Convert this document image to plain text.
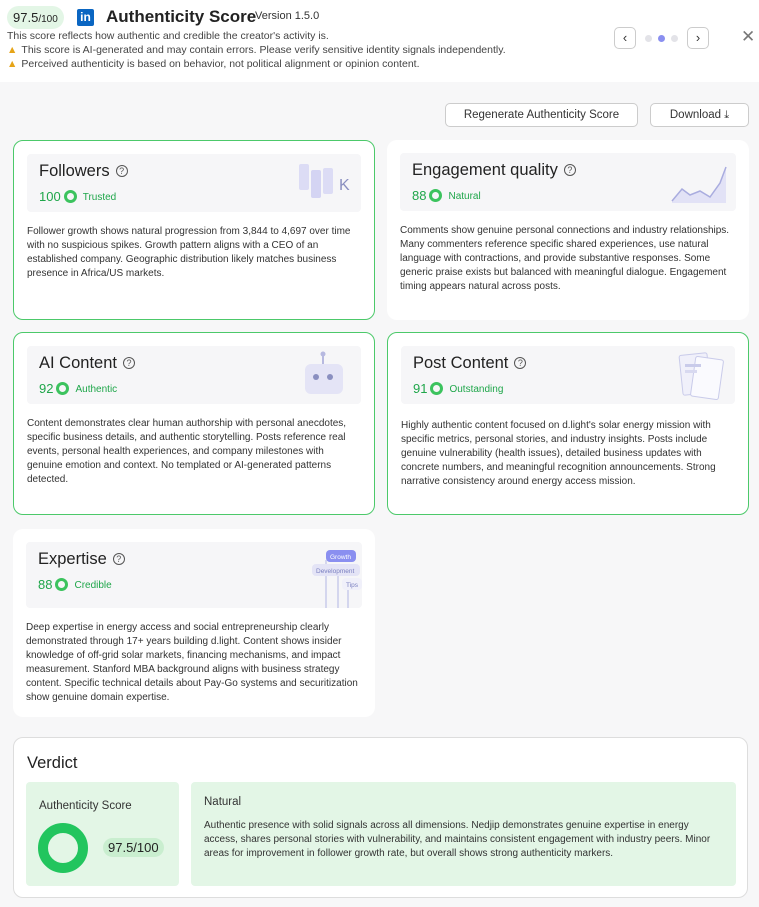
97.5/100	in Authenticity Score
Version 1.5.0
This score reflects how authentic and credible the creator's activity is.
▲ This score is AI-generated and may contain errors. Please verify sensitive identity signals independently.
▲ Perceived authenticity is based on behavior, not political alignment or opinion content.
‹	›	✕
Regenerate Authenticity Score	Download ⤓
Followers ?
100 Trusted
K
Follower growth shows natural progression from 3,844 to 4,697 over time with no suspicious spikes. Growth pattern aligns with a CEO of an established company. Geographic distribution likely matches business presence in Africa/US markets.
Engagement quality ?
88 Natural
Comments show genuine personal connections and industry relationships. Many commenters reference specific shared experiences, use natural language with contractions, and provide substantive responses. Some generic praise exists but balanced with meaningful dialogue. Engagement timing appears natural across posts.
AI Content ?
92 Authentic
Content demonstrates clear human authorship with personal anecdotes, specific business details, and authentic storytelling. Posts reference real events, personal health experiences, and company milestones with genuine emotion and context. No templated or AI-generated patterns detected.
Post Content ?
91 Outstanding
Highly authentic content focused on d.light's solar energy mission with specific metrics, personal stories, and industry insights. Posts include genuine vulnerability (health issues), detailed business updates with concrete numbers, and meaningful recognition announcements. Strong narrative consistency around energy access mission.
Expertise ?
88 Credible
Growth
Development
Tips
Deep expertise in energy access and social entrepreneurship clearly demonstrated through 17+ years building d.light. Content shows insider knowledge of off-grid solar markets, financing mechanisms, and impact measurement. Stanford MBA background aligns with business strategy content. Specific technical details about Pay-Go systems and securitization show genuine domain expertise.
Verdict
Authenticity Score
97.5/100
Natural
Authentic presence with solid signals across all dimensions. Nedjip demonstrates genuine expertise in energy access, shares personal stories with vulnerability, and maintains consistent engagement with industry peers. Minor areas for improvement in follower growth rate, but overall shows strong authenticity markers.
